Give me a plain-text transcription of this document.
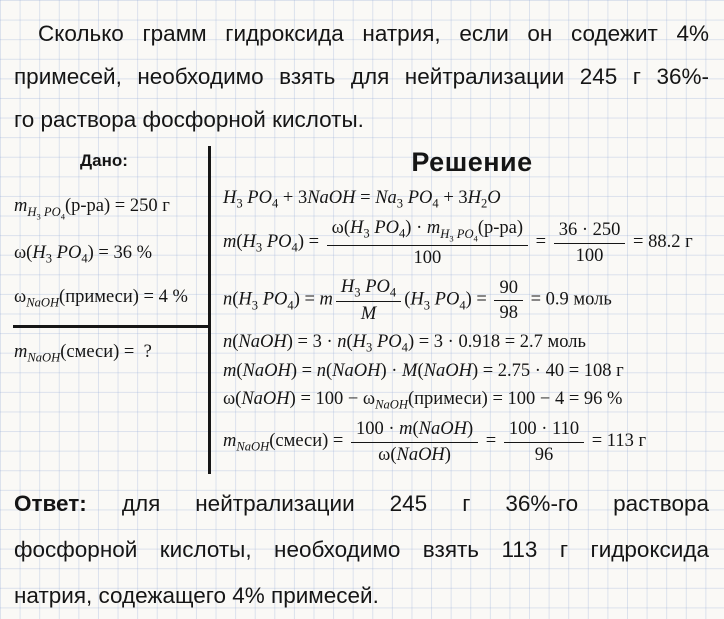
Сколько грамм гидроксида натрия, если он содежит 4%
примесей, необходимо взять для нейтрализации 245 г 36%-
го раствора фосфорной кислоты.
Дано:
$m_{H_3 PO_4}(р-ра) = 250$ г
$\omega(H_3$ $PO_4) = 36$ %
$\omega_{NaOH}(примеси) = 4$ %
$m_{NaOH}(смеси)$ =  ?
Решение
$H_3$ $PO_4$ + 3NaOH = $Na_3$ $PO_4 + 3H_2O$
$m(H_3$ $PO_4) = \frac{\omega(H_3 PO_4) \cdot m_{H_3 PO_4}(р-ра)}{100} = \frac{36 \cdot 250}{100} = 88.2$ г
$n(H_3$ $PO_4) = m \frac{H_3 PO_4}{M} (H_3$ $PO_4) = \frac{90}{98} = 0.9$ моль
n(NaOH) = $3 \cdot n(H_3$ $PO_4) = 3 \cdot 0.918 = 2.7$ моль
m(NaOH) = n(NaOH) · M(NaOH) = 2.75 · 40 = 108 г
ω(NaOH) = $100 - \omega_{NaOH}(примеси) = 100 - 4 = 96$ %
$m_{NaOH}(смеси) = \frac{\text{100 · m(NaOH)}}{\text{ω(NaOH)}} = \frac{100 \cdot 110}{96} = 113$ г
Ответ: для нейтрализации 245 г 36%-го раствора
фосфорной кислоты, необходимо взять 113 г гидроксида
натрия, содежащего 4% примесей.
